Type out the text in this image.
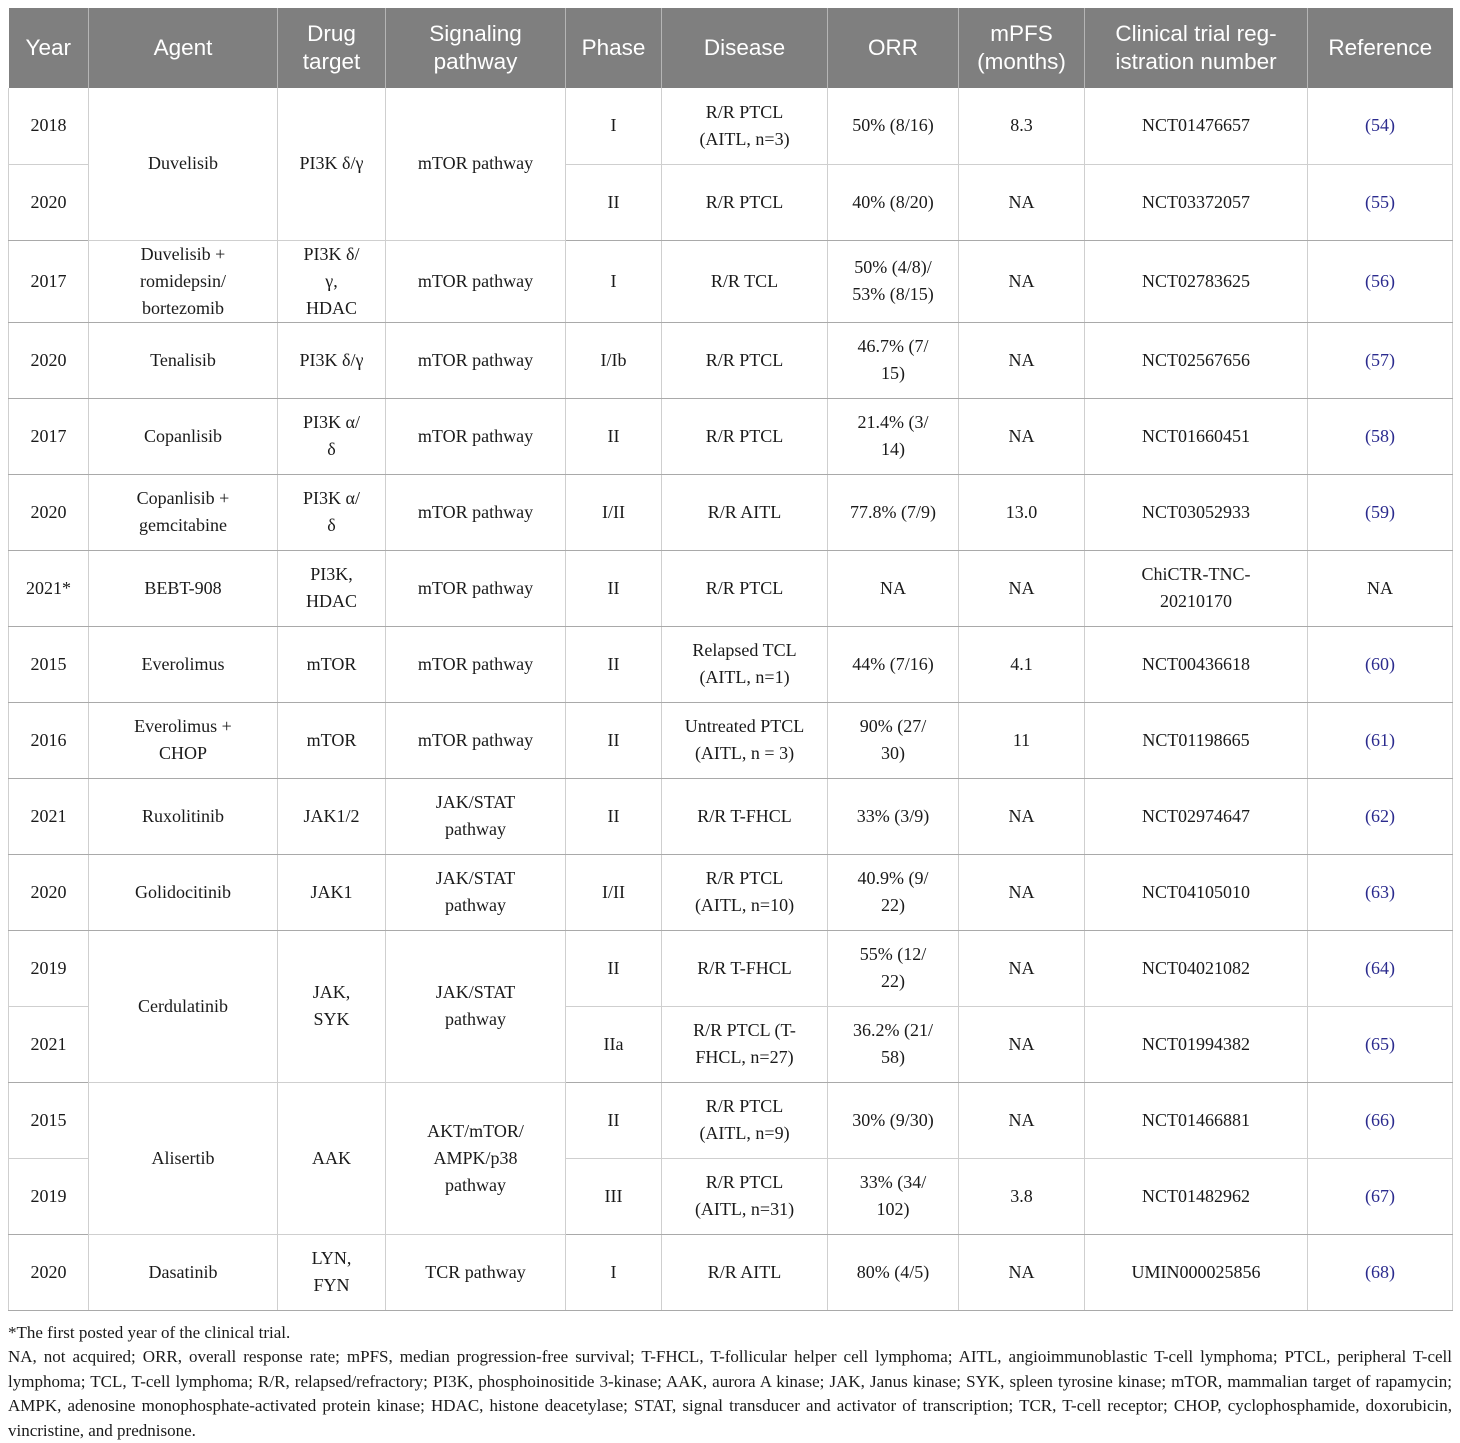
Year	Agent	Drug
target	Signaling
pathway	Phase	Disease	ORR	mPFS
(months)	Clinical trial reg-
istration number	Reference
2018	Duvelisib	PI3K δ/γ	mTOR pathway	I	R/R PTCL
(AITL, n=3)	50% (8/16)	8.3	NCT01476657	(54)
2020				II	R/R PTCL	40% (8/20)	NA	NCT03372057	(55)
2017	Duvelisib +
romidepsin/
bortezomib	PI3K δ/
γ,
HDAC	mTOR pathway	I	R/R TCL	50% (4/8)/
53% (8/15)	NA	NCT02783625	(56)
2020	Tenalisib	PI3K δ/γ	mTOR pathway	I/Ib	R/R PTCL	46.7% (7/
15)	NA	NCT02567656	(57)
2017	Copanlisib	PI3K α/
δ	mTOR pathway	II	R/R PTCL	21.4% (3/
14)	NA	NCT01660451	(58)
2020	Copanlisib +
gemcitabine	PI3K α/
δ	mTOR pathway	I/II	R/R AITL	77.8% (7/9)	13.0	NCT03052933	(59)
2021*	BEBT-908	PI3K,
HDAC	mTOR pathway	II	R/R PTCL	NA	NA	ChiCTR-TNC-
20210170	NA
2015	Everolimus	mTOR	mTOR pathway	II	Relapsed TCL
(AITL, n=1)	44% (7/16)	4.1	NCT00436618	(60)
2016	Everolimus +
CHOP	mTOR	mTOR pathway	II	Untreated PTCL
(AITL, n = 3)	90% (27/
30)	11	NCT01198665	(61)
2021	Ruxolitinib	JAK1/2	JAK/STAT
pathway	II	R/R T-FHCL	33% (3/9)	NA	NCT02974647	(62)
2020	Golidocitinib	JAK1	JAK/STAT
pathway	I/II	R/R PTCL
(AITL, n=10)	40.9% (9/
22)	NA	NCT04105010	(63)
2019	Cerdulatinib	JAK,
SYK	JAK/STAT
pathway	II	R/R T-FHCL	55% (12/
22)	NA	NCT04021082	(64)
2021				IIa	R/R PTCL (T-
FHCL, n=27)	36.2% (21/
58)	NA	NCT01994382	(65)
2015	Alisertib	AAK	AKT/mTOR/
AMPK/p38
pathway	II	R/R PTCL
(AITL, n=9)	30% (9/30)	NA	NCT01466881	(66)
2019				III	R/R PTCL
(AITL, n=31)	33% (34/
102)	3.8	NCT01482962	(67)
2020	Dasatinib	LYN,
FYN	TCR pathway	I	R/R AITL	80% (4/5)	NA	UMIN000025856	(68)

*The first posted year of the clinical trial.

NA, not acquired; ORR, overall response rate; mPFS, median progression-free survival; T-FHCL, T-follicular helper cell lymphoma; AITL, angioimmunoblastic T-cell lymphoma; PTCL, peripheral T-cell lymphoma; TCL, T-cell lymphoma; R/R, relapsed/refractory; PI3K, phosphoinositide 3-kinase; AAK, aurora A kinase; JAK, Janus kinase; SYK, spleen tyrosine kinase; mTOR, mammalian target of rapamycin; AMPK, adenosine monophosphate-activated protein kinase; HDAC, histone deacetylase; STAT, signal transducer and activator of transcription; TCR, T-cell receptor; CHOP, cyclophosphamide, doxorubicin, vincristine, and prednisone.
